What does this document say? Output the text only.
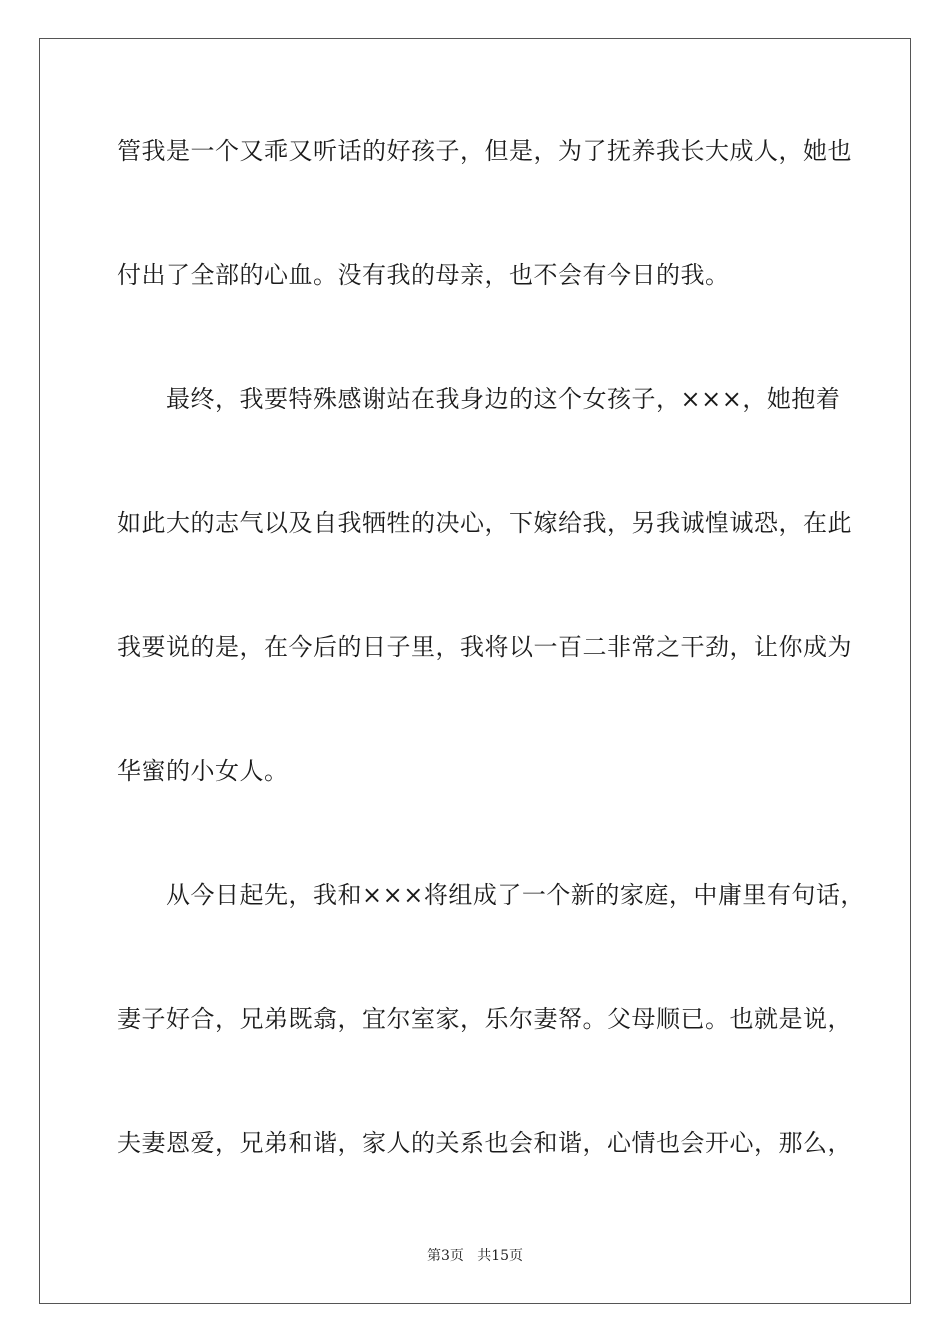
管我是一个又乖又听话的好孩子，但是，为了抚养我长大成人，她也
付出了全部的心血。没有我的母亲，也不会有今日的我。
　　最终，我要特殊感谢站在我身边的这个女孩子，×××，她抱着
如此大的志气以及自我牺牲的决心，下嫁给我，另我诚惶诚恐，在此
我要说的是，在今后的日子里，我将以一百二非常之干劲，让你成为
华蜜的小女人。
　　从今日起先，我和×××将组成了一个新的家庭，中庸里有句话，
妻子好合，兄弟既翕，宜尔室家，乐尔妻帑。父母顺已。也就是说，
夫妻恩爱，兄弟和谐，家人的关系也会和谐，心情也会开心，那么，
第3页   共15页
